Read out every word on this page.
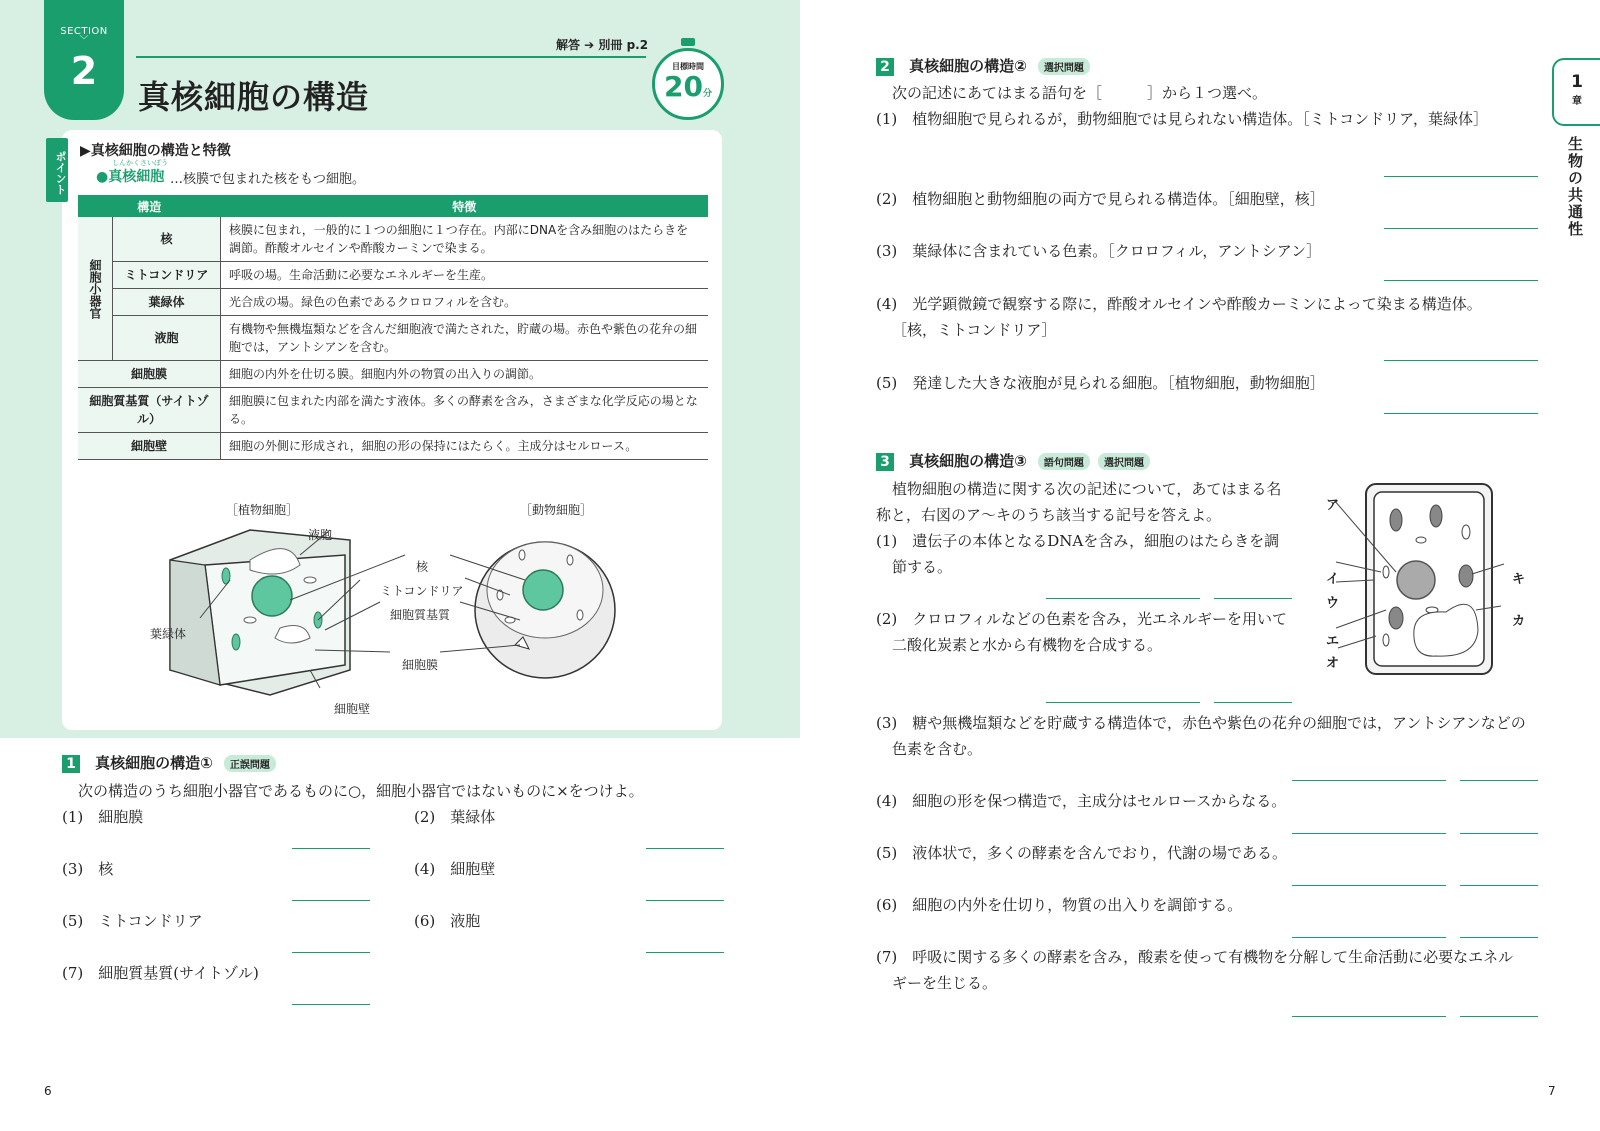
SECTION
﹀
2
解答 ➔ 別冊 p.2
真核細胞の構造
目標時間
20分
ポイント ▶真核細胞の構造と特徴
しんかくさいぼう
●真核細胞 …核膜で包まれた核をもつ細胞。
構造		特徴
細胞小器官	核	核膜に包まれ，一般的に１つの細胞に１つ存在。内部にDNAを含み細胞のはたらきを調節。酢酸オルセインや酢酸カーミンで染まる。
	ミトコンドリア	呼吸の場。生命活動に必要なエネルギーを生産。
	葉緑体	光合成の場。緑色の色素であるクロロフィルを含む。
	液胞	有機物や無機塩類などを含んだ細胞液で満たされた，貯蔵の場。赤色や紫色の花弁の細胞では，アントシアンを含む。
細胞膜		細胞の内外を仕切る膜。細胞内外の物質の出入りの調節。
細胞質基質（サイトゾル）		細胞膜に包まれた内部を満たす液体。多くの酵素を含み，さまざまな化学反応の場となる。
細胞壁		細胞の外側に形成され，細胞の形の保持にはたらく。主成分はセルロース。
［植物細胞］	［動物細胞］
液胞
核
ミトコンドリア
細胞質基質
葉緑体
細胞膜
細胞壁
1 真核細胞の構造① 正誤問題
次の構造のうち細胞小器官であるものに○，細胞小器官ではないものに×をつけよ。
(1)　細胞膜	(2)　葉緑体
(3)　核	(4)　細胞壁
(5)　ミトコンドリア	(6)　液胞
(7)　細胞質基質(サイトゾル)
6
2 真核細胞の構造② 選択問題
次の記述にあてはまる語句を［　　　］から１つ選べ。
(1)　植物細胞で見られるが，動物細胞では見られない構造体。［ミトコンドリア，葉緑体］
(2)　植物細胞と動物細胞の両方で見られる構造体。［細胞壁，核］
(3)　葉緑体に含まれている色素。［クロロフィル，アントシアン］
(4)　光学顕微鏡で観察する際に，酢酸オルセインや酢酸カーミンによって染まる構造体。
［核，ミトコンドリア］
(5)　発達した大きな液胞が見られる細胞。［植物細胞，動物細胞］
3 真核細胞の構造③ 語句問題 選択問題
植物細胞の構造に関する次の記述について，あてはまる名
称と，右図のア～キのうち該当する記号を答えよ。
(1)　遺伝子の本体となるDNAを含み，細胞のはたらきを調
節する。
(2)　クロロフィルなどの色素を含み，光エネルギーを用いて
二酸化炭素と水から有機物を合成する。
(3)　糖や無機塩類などを貯蔵する構造体で，赤色や紫色の花弁の細胞では，アントシアンなどの
色素を含む。
(4)　細胞の形を保つ構造で，主成分はセルロースからなる。
(5)　液体状で，多くの酵素を含んでおり，代謝の場である。
(6)　細胞の内外を仕切り，物質の出入りを調節する。
(7)　呼吸に関する多くの酵素を含み，酸素を使って有機物を分解して生命活動に必要なエネル
ギーを生じる。
ア
イ
ウ
エ
オ
キ
カ
1
章
生物の共通性
7
